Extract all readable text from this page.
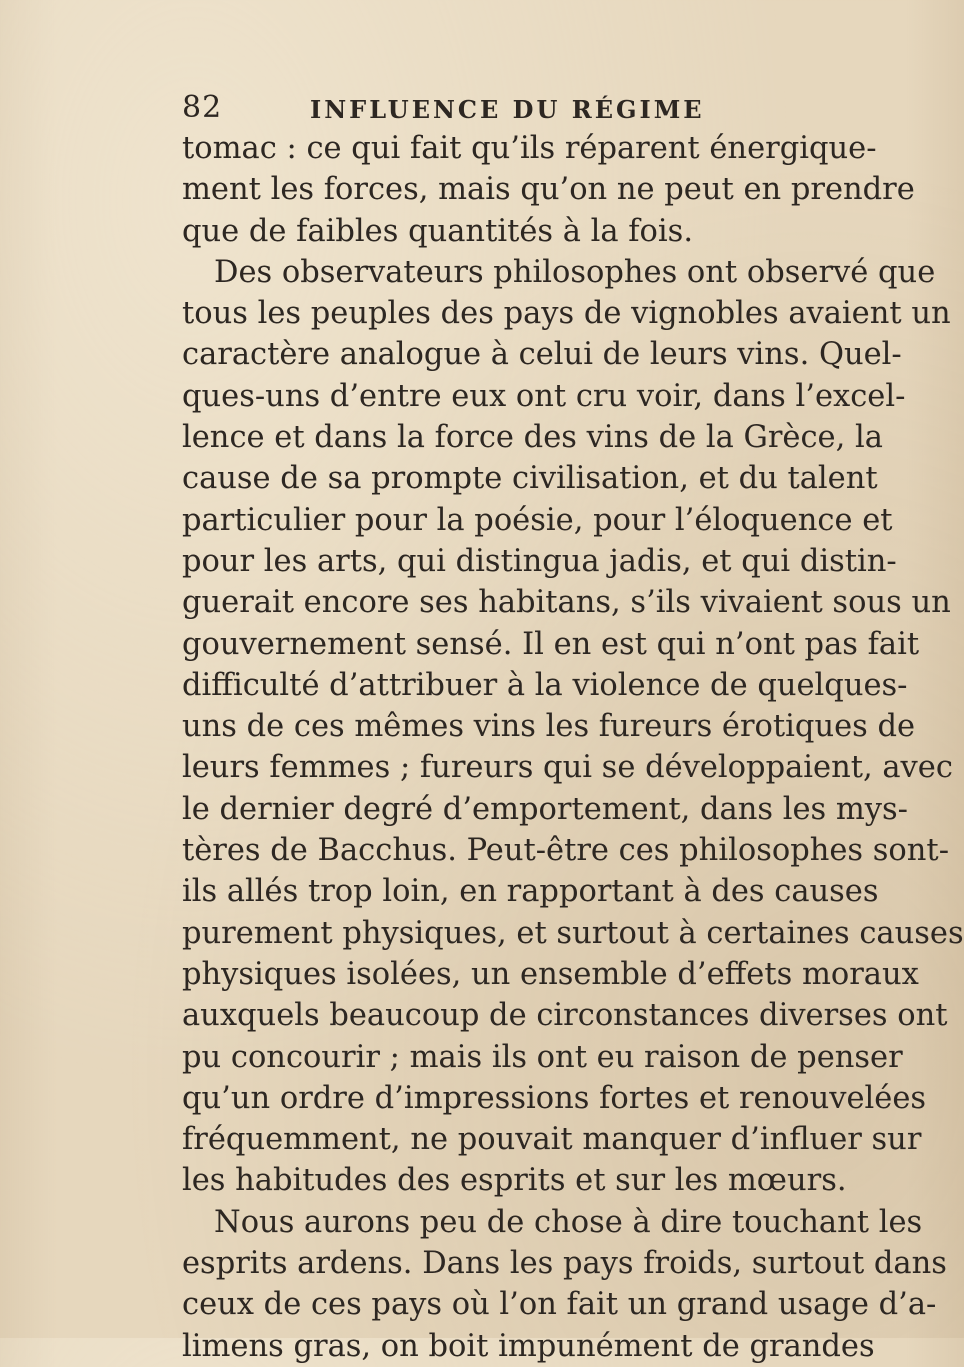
82	INFLUENCE DU RÉGIME
tomac : ce qui fait qu’ils réparent énergique-
ment les forces, mais qu’on ne peut en prendre
que de faibles quantités à la fois.
Des observateurs philosophes ont observé que
tous les peuples des pays de vignobles avaient un
caractère analogue à celui de leurs vins. Quel-
ques-uns d’entre eux ont cru voir, dans l’excel-
lence et dans la force des vins de la Grèce, la
cause de sa prompte civilisation, et du talent
particulier pour la poésie, pour l’éloquence et
pour les arts, qui distingua jadis, et qui distin-
guerait encore ses habitans, s’ils vivaient sous un
gouvernement sensé. Il en est qui n’ont pas fait
difficulté d’attribuer à la violence de quelques-
uns de ces mêmes vins les fureurs érotiques de
leurs femmes ; fureurs qui se développaient, avec
le dernier degré d’emportement, dans les mys-
tères de Bacchus. Peut-être ces philosophes sont-
ils allés trop loin, en rapportant à des causes
purement physiques, et surtout à certaines causes
physiques isolées, un ensemble d’effets moraux
auxquels beaucoup de circonstances diverses ont
pu concourir ; mais ils ont eu raison de penser
qu’un ordre d’impressions fortes et renouvelées
fréquemment, ne pouvait manquer d’influer sur
les habitudes des esprits et sur les mœurs.
Nous aurons peu de chose à dire touchant les
esprits ardens. Dans les pays froids, surtout dans
ceux de ces pays où l’on fait un grand usage d’a-
limens gras, on boit impunément de grandes
